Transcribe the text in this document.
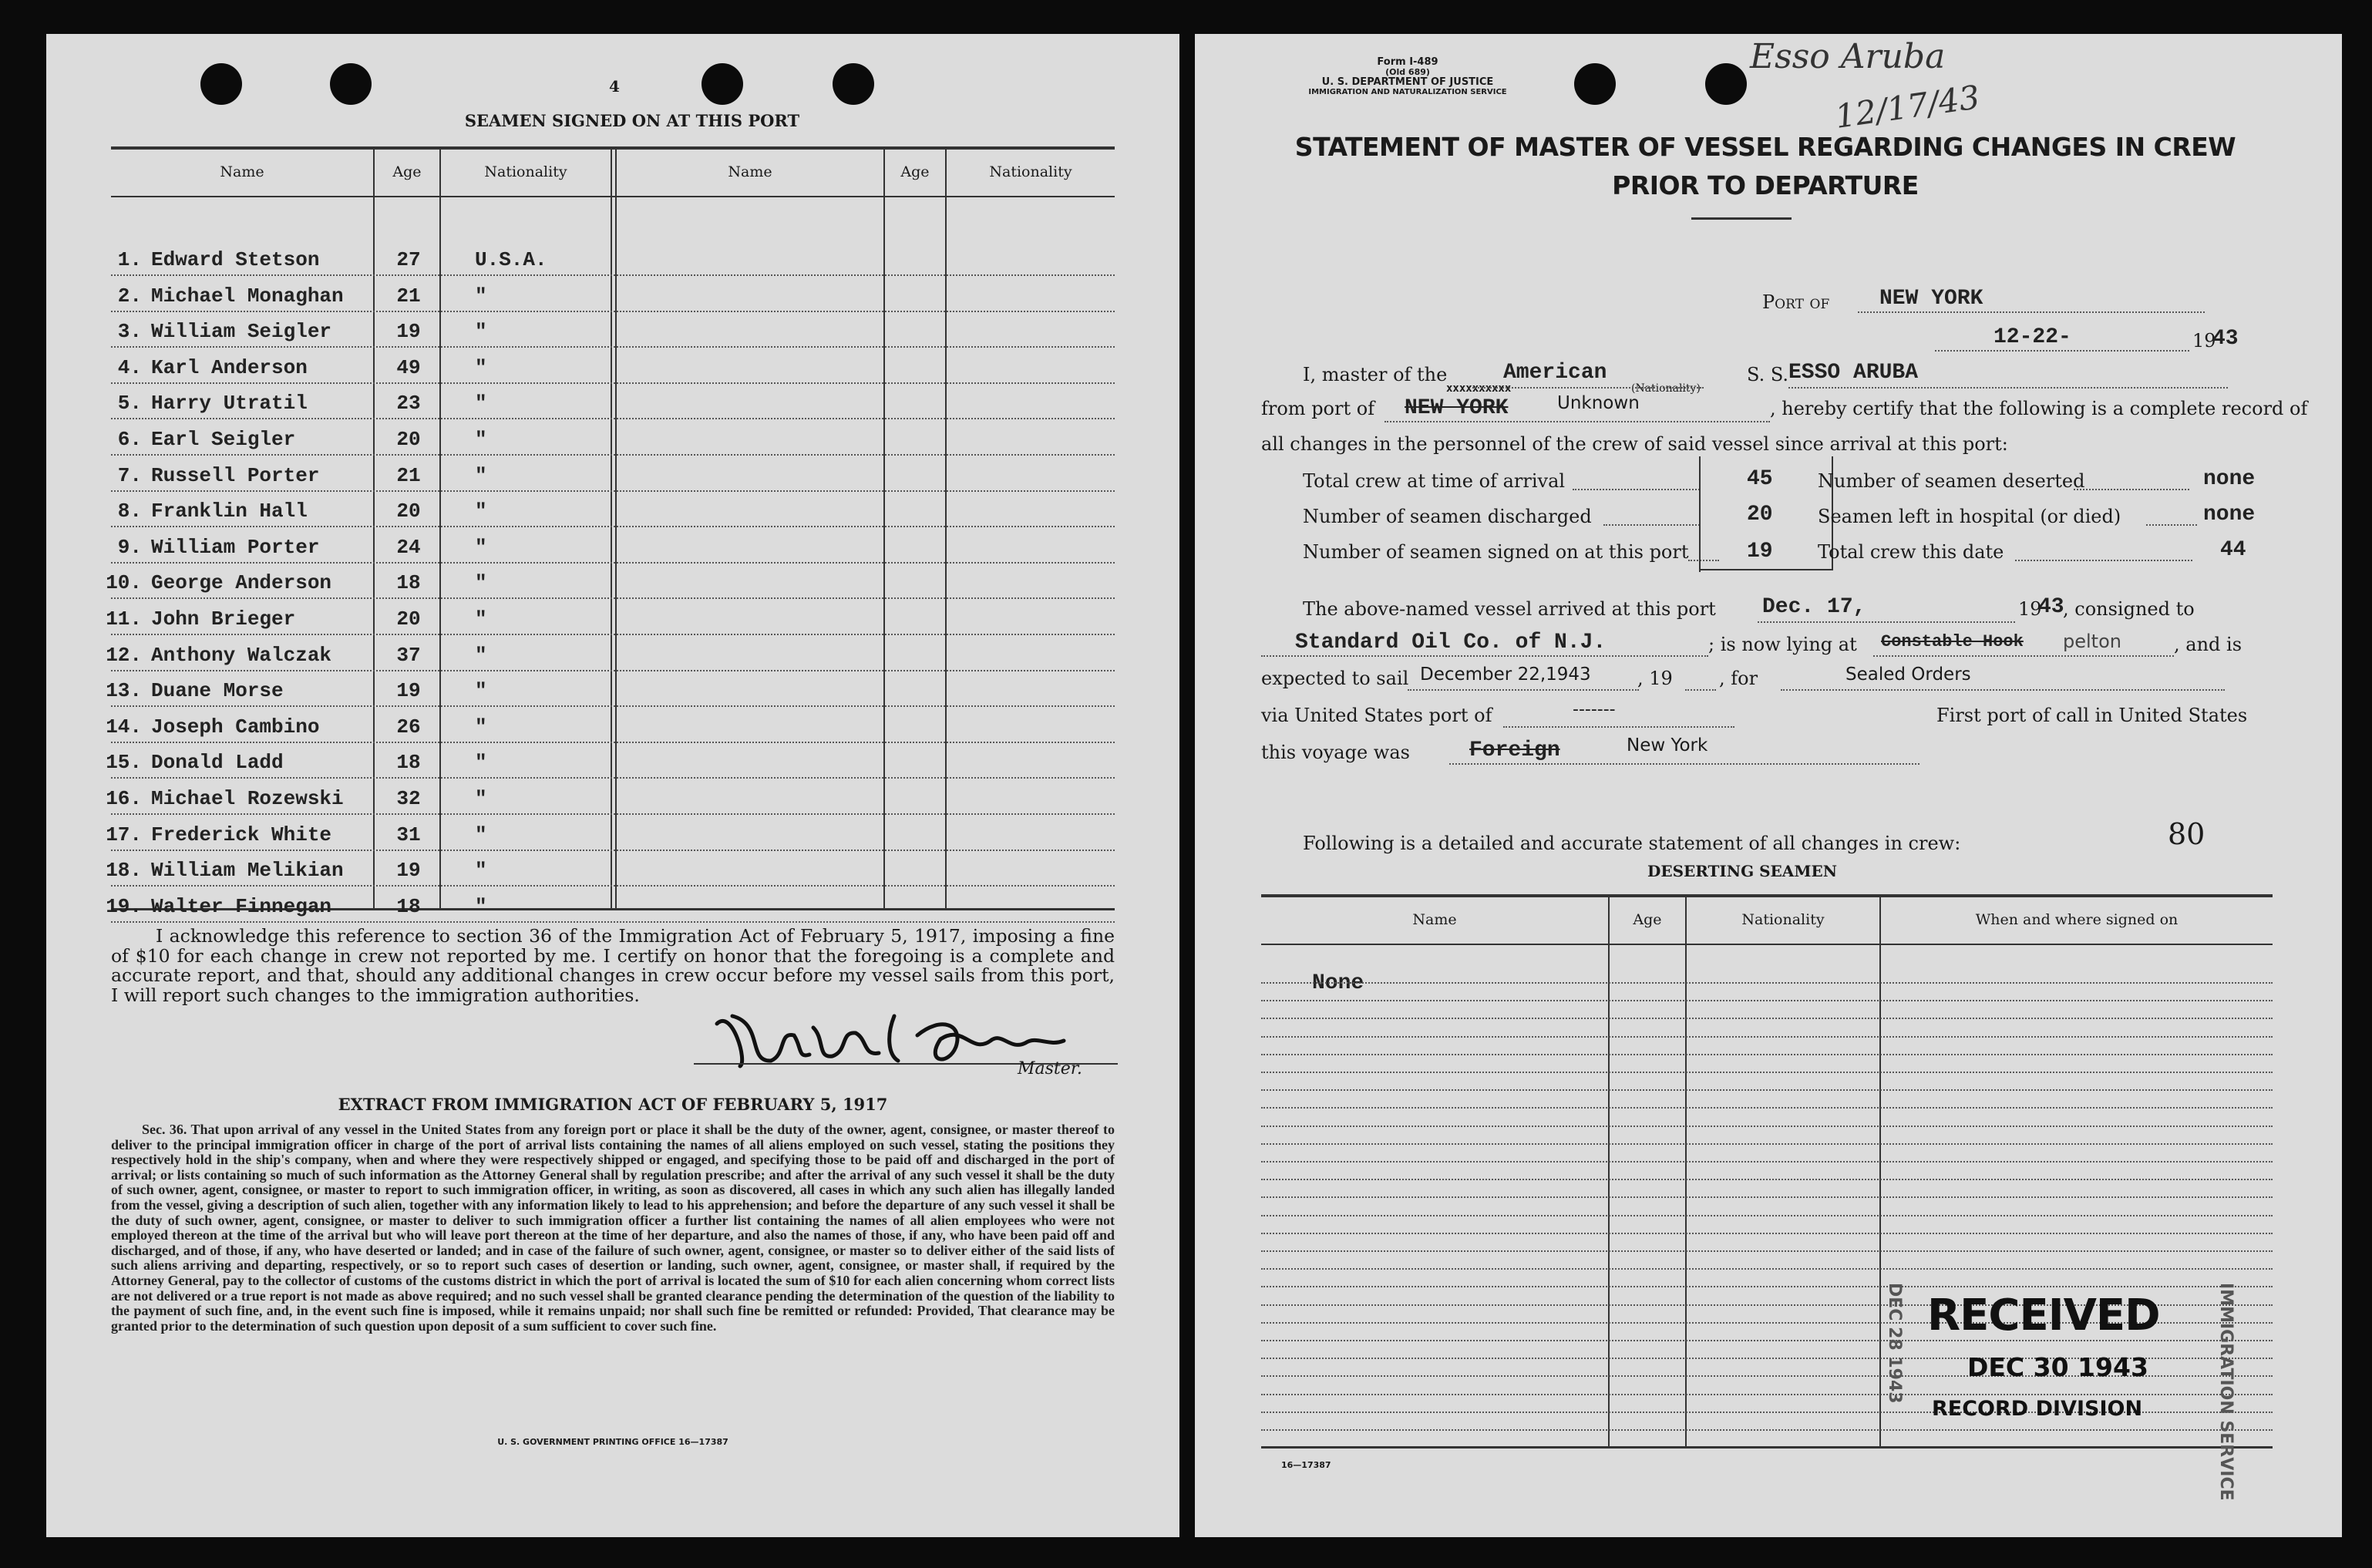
4
SEAMEN SIGNED ON AT THIS PORT
Name	Age	Nationality	Name	Age	Nationality
1. Edward Stetson	27	U.S.A.
2. Michael Monaghan	21	"
3. William Seigler	19	"
4. Karl Anderson	49	"
5. Harry Utratil	23	"
6. Earl Seigler	20	"
7. Russell Porter	21	"
8. Franklin Hall	20	"
9. William Porter	24	"
10. George Anderson	18	"
11. John Brieger	20	"
12. Anthony Walczak	37	"
13. Duane Morse	19	"
14. Joseph Cambino	26	"
15. Donald Ladd	18	"
16. Michael Rozewski	32	"
17. Frederick White	31	"
18. William Melikian	19	"
19. Walter Finnegan	18	"
I acknowledge this reference to section 36 of the Immigration Act of February 5, 1917, imposing a fine of $10 for each change in crew not reported by me. I certify on honor that the foregoing is a complete and accurate report, and that, should any additional changes in crew occur before my vessel sails from this port, I will report such changes to the immigration authorities.
Master.
EXTRACT FROM IMMIGRATION ACT OF FEBRUARY 5, 1917
Sec. 36. That upon arrival of any vessel in the United States from any foreign port or place it shall be the duty of the owner, agent, consignee, or master thereof to deliver to the principal immigration officer in charge of the port of arrival lists containing the names of all aliens employed on such vessel, stating the positions they respectively hold in the ship's company, when and where they were respectively shipped or engaged, and specifying those to be paid off and discharged in the port of arrival; or lists containing so much of such information as the Attorney General shall by regulation prescribe; and after the arrival of any such vessel it shall be the duty of such owner, agent, consignee, or master to report to such immigration officer, in writing, as soon as discovered, all cases in which any such alien has illegally landed from the vessel, giving a description of such alien, together with any information likely to lead to his apprehension; and before the departure of any such vessel it shall be the duty of such owner, agent, consignee, or master to deliver to such immigration officer a further list containing the names of all alien employees who were not employed thereon at the time of the arrival but who will leave port thereon at the time of her departure, and also the names of those, if any, who have been paid off and discharged, and of those, if any, who have deserted or landed; and in case of the failure of such owner, agent, consignee, or master so to deliver either of the said lists of such aliens arriving and departing, respectively, or so to report such cases of desertion or landing, such owner, agent, consignee, or master shall, if required by the Attorney General, pay to the collector of customs of the customs district in which the port of arrival is located the sum of $10 for each alien concerning whom correct lists are not delivered or a true report is not made as above required; and no such vessel shall be granted clearance pending the determination of the question of the liability to the payment of such fine, and, in the event such fine is imposed, while it remains unpaid; nor shall such fine be remitted or refunded: Provided, That clearance may be granted prior to the determination of such question upon deposit of a sum sufficient to cover such fine.
U. S. GOVERNMENT PRINTING OFFICE 16—17387
Form I-489
(Old 689)
U. S. DEPARTMENT OF JUSTICE
IMMIGRATION AND NATURALIZATION SERVICE
Esso Aruba
12/17/43
STATEMENT OF MASTER OF VESSEL REGARDING CHANGES IN CREW
PRIOR TO DEPARTURE
Port of NEW YORK
12-22-	19
43
I, master of the	American
xxxxxxxxxx	(Nationality)
S. S. ESSO ARUBA
from port of NEW YORK	Unknown	, hereby certify that the following is a complete record of
all changes in the personnel of the crew of said vessel since arrival at this port:
Total crew at time of arrival	45
Number of seamen discharged	20
Number of seamen signed on at this port	19
Number of seamen deserted	none
Seamen left in hospital (or died)	none
Total crew this date	44
The above-named vessel arrived at this port Dec. 17,	19
43
, consigned to
Standard Oil Co. of N.J.	; is now lying at Constable Hook pelton	, and is
expected to sail December 22,1943	, 19	, for	Sealed Orders
via United States port of	-------	First port of call in United States
this voyage was	Foreign	New York
Following is a detailed and accurate statement of all changes in crew:	80
DESERTING SEAMEN
Name	Age	Nationality	When and where signed on
None
16—17387
RECEIVED
DEC 30 1943
RECORD DIVISION
DEC 28 1943	IMMIGRATION SERVICE
